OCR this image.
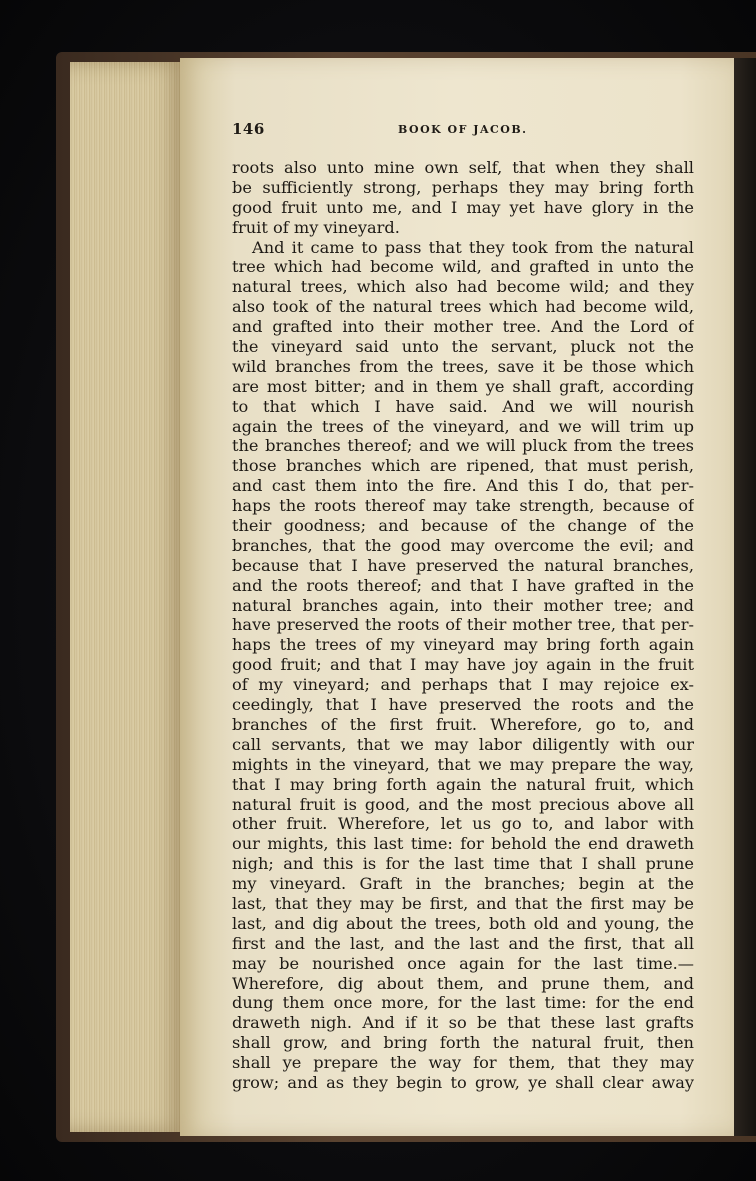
146	BOOK OF JACOB.
roots also unto mine own self, that when they shall
be sufficiently strong, perhaps they may bring forth
good fruit unto me, and I may yet have glory in the
fruit of my vineyard.
And it came to pass that they took from the natural
tree which had become wild, and grafted in unto the
natural trees, which also had become wild; and they
also took of the natural trees which had become wild,
and grafted into their mother tree. And the Lord of
the vineyard said unto the servant, pluck not the
wild branches from the trees, save it be those which
are most bitter; and in them ye shall graft, according
to that which I have said. And we will nourish
again the trees of the vineyard, and we will trim up
the branches thereof; and we will pluck from the trees
those branches which are ripened, that must perish,
and cast them into the fire. And this I do, that per-
haps the roots thereof may take strength, because of
their goodness; and because of the change of the
branches, that the good may overcome the evil; and
because that I have preserved the natural branches,
and the roots thereof; and that I have grafted in the
natural branches again, into their mother tree; and
have preserved the roots of their mother tree, that per-
haps the trees of my vineyard may bring forth again
good fruit; and that I may have joy again in the fruit
of my vineyard; and perhaps that I may rejoice ex-
ceedingly, that I have preserved the roots and the
branches of the first fruit. Wherefore, go to, and
call servants, that we may labor diligently with our
mights in the vineyard, that we may prepare the way,
that I may bring forth again the natural fruit, which
natural fruit is good, and the most precious above all
other fruit. Wherefore, let us go to, and labor with
our mights, this last time: for behold the end draweth
nigh; and this is for the last time that I shall prune
my vineyard. Graft in the branches; begin at the
last, that they may be first, and that the first may be
last, and dig about the trees, both old and young, the
first and the last, and the last and the first, that all
may be nourished once again for the last time.—
Wherefore, dig about them, and prune them, and
dung them once more, for the last time: for the end
draweth nigh. And if it so be that these last grafts
shall grow, and bring forth the natural fruit, then
shall ye prepare the way for them, that they may
grow; and as they begin to grow, ye shall clear away
